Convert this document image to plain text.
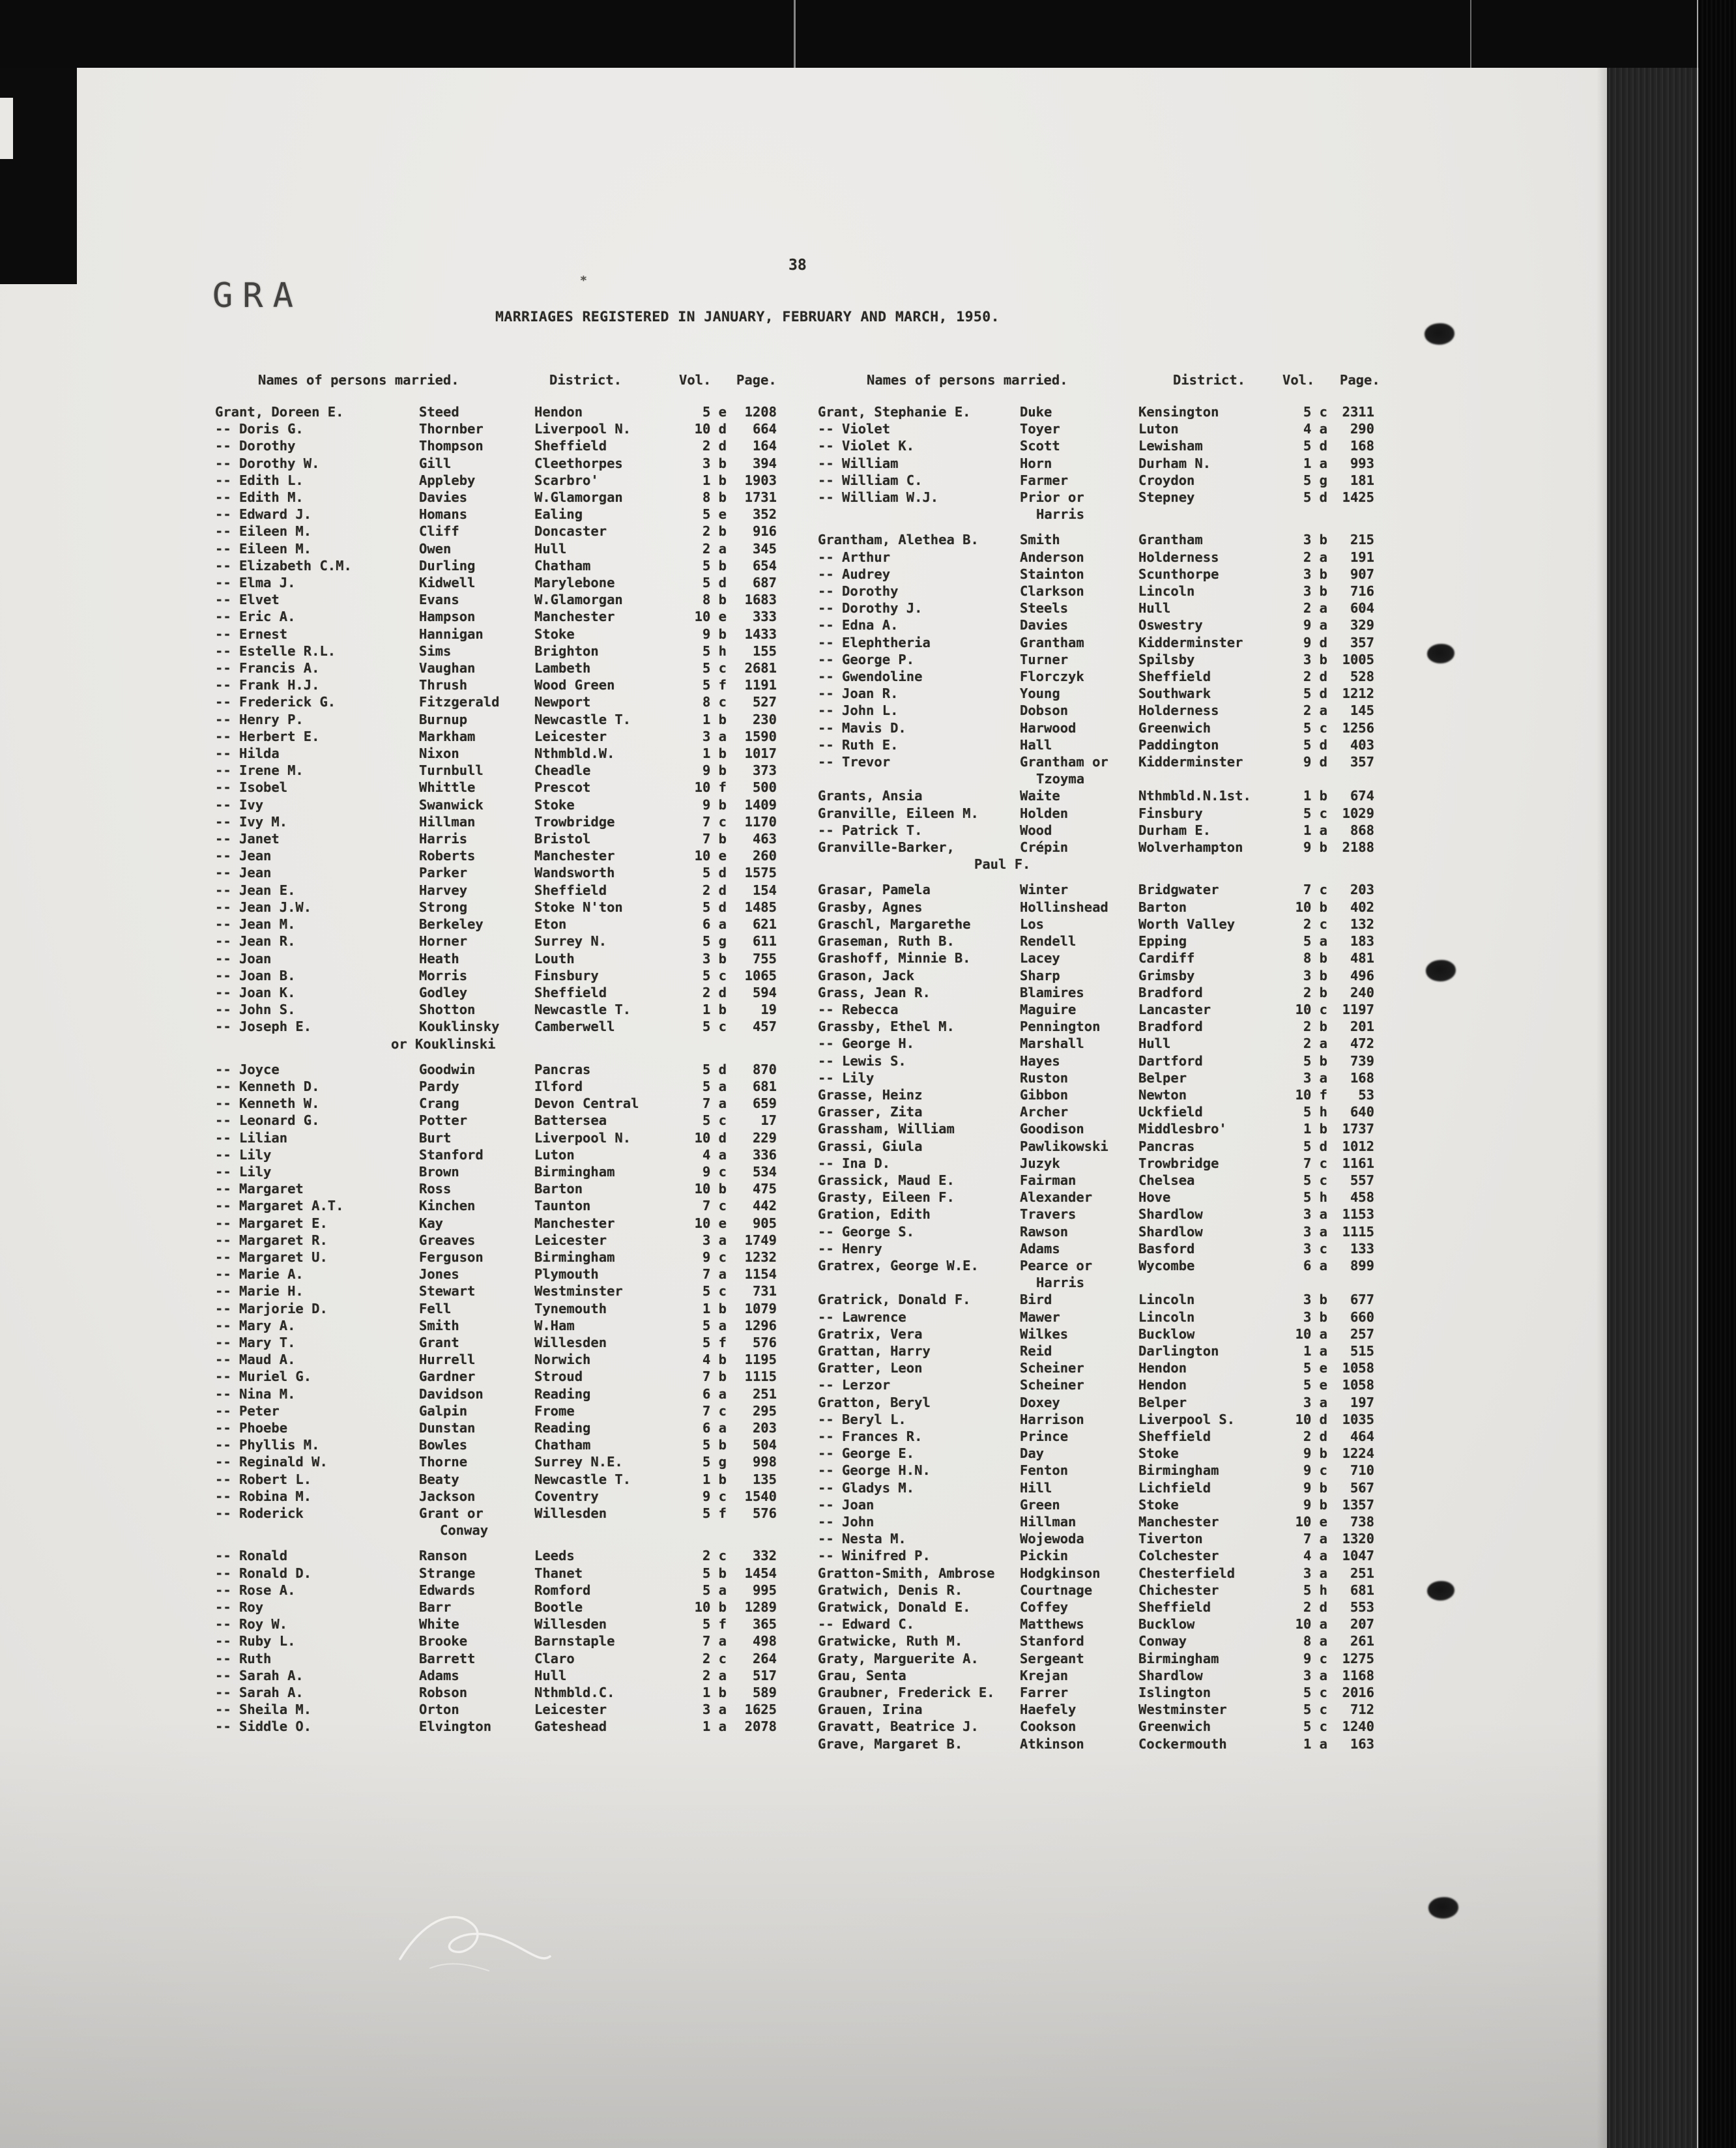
38
GRA	*
MARRIAGES REGISTERED IN JANUARY, FEBRUARY AND MARCH, 1950.
Names of persons married.	District.	Vol. Page.	Names of persons married.	District.	Vol. Page.
Grant, Doreen E.	Steed	Hendon	5 e	1208
-- Doris G.	Thornber	Liverpool N.	10 d	664
-- Dorothy	Thompson	Sheffield	2 d	164
-- Dorothy W.	Gill	Cleethorpes	3 b	394
-- Edith L.	Appleby	Scarbro'	1 b	1903
-- Edith M.	Davies	W.Glamorgan	8 b	1731
-- Edward J.	Homans	Ealing	5 e	352
-- Eileen M.	Cliff	Doncaster	2 b	916
-- Eileen M.	Owen	Hull	2 a	345
-- Elizabeth C.M.	Durling	Chatham	5 b	654
-- Elma J.	Kidwell	Marylebone	5 d	687
-- Elvet	Evans	W.Glamorgan	8 b	1683
-- Eric A.	Hampson	Manchester	10 e	333
-- Ernest	Hannigan	Stoke	9 b	1433
-- Estelle R.L.	Sims	Brighton	5 h	155
-- Francis A.	Vaughan	Lambeth	5 c	2681
-- Frank H.J.	Thrush	Wood Green	5 f	1191
-- Frederick G.	Fitzgerald	Newport	8 c	527
-- Henry P.	Burnup	Newcastle T.	1 b	230
-- Herbert E.	Markham	Leicester	3 a	1590
-- Hilda	Nixon	Nthmbld.W.	1 b	1017
-- Irene M.	Turnbull	Cheadle	9 b	373
-- Isobel	Whittle	Prescot	10 f	500
-- Ivy	Swanwick	Stoke	9 b	1409
-- Ivy M.	Hillman	Trowbridge	7 c	1170
-- Janet	Harris	Bristol	7 b	463
-- Jean	Roberts	Manchester	10 e	260
-- Jean	Parker	Wandsworth	5 d	1575
-- Jean E.	Harvey	Sheffield	2 d	154
-- Jean J.W.	Strong	Stoke N'ton	5 d	1485
-- Jean M.	Berkeley	Eton	6 a	621
-- Jean R.	Horner	Surrey N.	5 g	611
-- Joan	Heath	Louth	3 b	755
-- Joan B.	Morris	Finsbury	5 c	1065
-- Joan K.	Godley	Sheffield	2 d	594
-- John S.	Shotton	Newcastle T.	1 b	19
-- Joseph E.	Kouklinsky	Camberwell	5 c	457
or Kouklinski
-- Joyce	Goodwin	Pancras	5 d	870
-- Kenneth D.	Pardy	Ilford	5 a	681
-- Kenneth W.	Crang	Devon Central	7 a	659
-- Leonard G.	Potter	Battersea	5 c	17
-- Lilian	Burt	Liverpool N.	10 d	229
-- Lily	Stanford	Luton	4 a	336
-- Lily	Brown	Birmingham	9 c	534
-- Margaret	Ross	Barton	10 b	475
-- Margaret A.T.	Kinchen	Taunton	7 c	442
-- Margaret E.	Kay	Manchester	10 e	905
-- Margaret R.	Greaves	Leicester	3 a	1749
-- Margaret U.	Ferguson	Birmingham	9 c	1232
-- Marie A.	Jones	Plymouth	7 a	1154
-- Marie H.	Stewart	Westminster	5 c	731
-- Marjorie D.	Fell	Tynemouth	1 b	1079
-- Mary A.	Smith	W.Ham	5 a	1296
-- Mary T.	Grant	Willesden	5 f	576
-- Maud A.	Hurrell	Norwich	4 b	1195
-- Muriel G.	Gardner	Stroud	7 b	1115
-- Nina M.	Davidson	Reading	6 a	251
-- Peter	Galpin	Frome	7 c	295
-- Phoebe	Dunstan	Reading	6 a	203
-- Phyllis M.	Bowles	Chatham	5 b	504
-- Reginald W.	Thorne	Surrey N.E.	5 g	998
-- Robert L.	Beaty	Newcastle T.	1 b	135
-- Robina M.	Jackson	Coventry	9 c	1540
-- Roderick	Grant or	Willesden	5 f	576
Conway
-- Ronald	Ranson	Leeds	2 c	332
-- Ronald D.	Strange	Thanet	5 b	1454
-- Rose A.	Edwards	Romford	5 a	995
-- Roy	Barr	Bootle	10 b	1289
-- Roy W.	White	Willesden	5 f	365
-- Ruby L.	Brooke	Barnstaple	7 a	498
-- Ruth	Barrett	Claro	2 c	264
-- Sarah A.	Adams	Hull	2 a	517
-- Sarah A.	Robson	Nthmbld.C.	1 b	589
-- Sheila M.	Orton	Leicester	3 a	1625
-- Siddle O.	Elvington	Gateshead	1 a	2078
Grant, Stephanie E.	Duke	Kensington	5 c	2311
-- Violet	Toyer	Luton	4 a	290
-- Violet K.	Scott	Lewisham	5 d	168
-- William	Horn	Durham N.	1 a	993
-- William C.	Farmer	Croydon	5 g	181
-- William W.J.	Prior or	Stepney	5 d	1425
Harris
Grantham, Alethea B.	Smith	Grantham	3 b	215
-- Arthur	Anderson	Holderness	2 a	191
-- Audrey	Stainton	Scunthorpe	3 b	907
-- Dorothy	Clarkson	Lincoln	3 b	716
-- Dorothy J.	Steels	Hull	2 a	604
-- Edna A.	Davies	Oswestry	9 a	329
-- Elephtheria	Grantham	Kidderminster	9 d	357
-- George P.	Turner	Spilsby	3 b	1005
-- Gwendoline	Florczyk	Sheffield	2 d	528
-- Joan R.	Young	Southwark	5 d	1212
-- John L.	Dobson	Holderness	2 a	145
-- Mavis D.	Harwood	Greenwich	5 c	1256
-- Ruth E.	Hall	Paddington	5 d	403
-- Trevor	Grantham or	Kidderminster	9 d	357
Tzoyma
Grants, Ansia	Waite	Nthmbld.N.1st.	1 b	674
Granville, Eileen M.	Holden	Finsbury	5 c	1029
-- Patrick T.	Wood	Durham E.	1 a	868
Granville-Barker,	Crépin	Wolverhampton	9 b	2188
Paul F.
Grasar, Pamela	Winter	Bridgwater	7 c	203
Grasby, Agnes	Hollinshead	Barton	10 b	402
Graschl, Margarethe	Los	Worth Valley	2 c	132
Graseman, Ruth B.	Rendell	Epping	5 a	183
Grashoff, Minnie B.	Lacey	Cardiff	8 b	481
Grason, Jack	Sharp	Grimsby	3 b	496
Grass, Jean R.	Blamires	Bradford	2 b	240
-- Rebecca	Maguire	Lancaster	10 c	1197
Grassby, Ethel M.	Pennington	Bradford	2 b	201
-- George H.	Marshall	Hull	2 a	472
-- Lewis S.	Hayes	Dartford	5 b	739
-- Lily	Ruston	Belper	3 a	168
Grasse, Heinz	Gibbon	Newton	10 f	53
Grasser, Zita	Archer	Uckfield	5 h	640
Grassham, William	Goodison	Middlesbro'	1 b	1737
Grassi, Giula	Pawlikowski	Pancras	5 d	1012
-- Ina D.	Juzyk	Trowbridge	7 c	1161
Grassick, Maud E.	Fairman	Chelsea	5 c	557
Grasty, Eileen F.	Alexander	Hove	5 h	458
Gration, Edith	Travers	Shardlow	3 a	1153
-- George S.	Rawson	Shardlow	3 a	1115
-- Henry	Adams	Basford	3 c	133
Gratrex, George W.E.	Pearce or	Wycombe	6 a	899
Harris
Gratrick, Donald F.	Bird	Lincoln	3 b	677
-- Lawrence	Mawer	Lincoln	3 b	660
Gratrix, Vera	Wilkes	Bucklow	10 a	257
Grattan, Harry	Reid	Darlington	1 a	515
Gratter, Leon	Scheiner	Hendon	5 e	1058
-- Lerzor	Scheiner	Hendon	5 e	1058
Gratton, Beryl	Doxey	Belper	3 a	197
-- Beryl L.	Harrison	Liverpool S.	10 d	1035
-- Frances R.	Prince	Sheffield	2 d	464
-- George E.	Day	Stoke	9 b	1224
-- George H.N.	Fenton	Birmingham	9 c	710
-- Gladys M.	Hill	Lichfield	9 b	567
-- Joan	Green	Stoke	9 b	1357
-- John	Hillman	Manchester	10 e	738
-- Nesta M.	Wojewoda	Tiverton	7 a	1320
-- Winifred P.	Pickin	Colchester	4 a	1047
Gratton-Smith, Ambrose	Hodgkinson	Chesterfield	3 a	251
Gratwich, Denis R.	Courtnage	Chichester	5 h	681
Gratwick, Donald E.	Coffey	Sheffield	2 d	553
-- Edward C.	Matthews	Bucklow	10 a	207
Gratwicke, Ruth M.	Stanford	Conway	8 a	261
Graty, Marguerite A.	Sergeant	Birmingham	9 c	1275
Grau, Senta	Krejan	Shardlow	3 a	1168
Graubner, Frederick E.	Farrer	Islington	5 c	2016
Grauen, Irina	Haefely	Westminster	5 c	712
Gravatt, Beatrice J.	Cookson	Greenwich	5 c	1240
Grave, Margaret B.	Atkinson	Cockermouth	1 a	163
